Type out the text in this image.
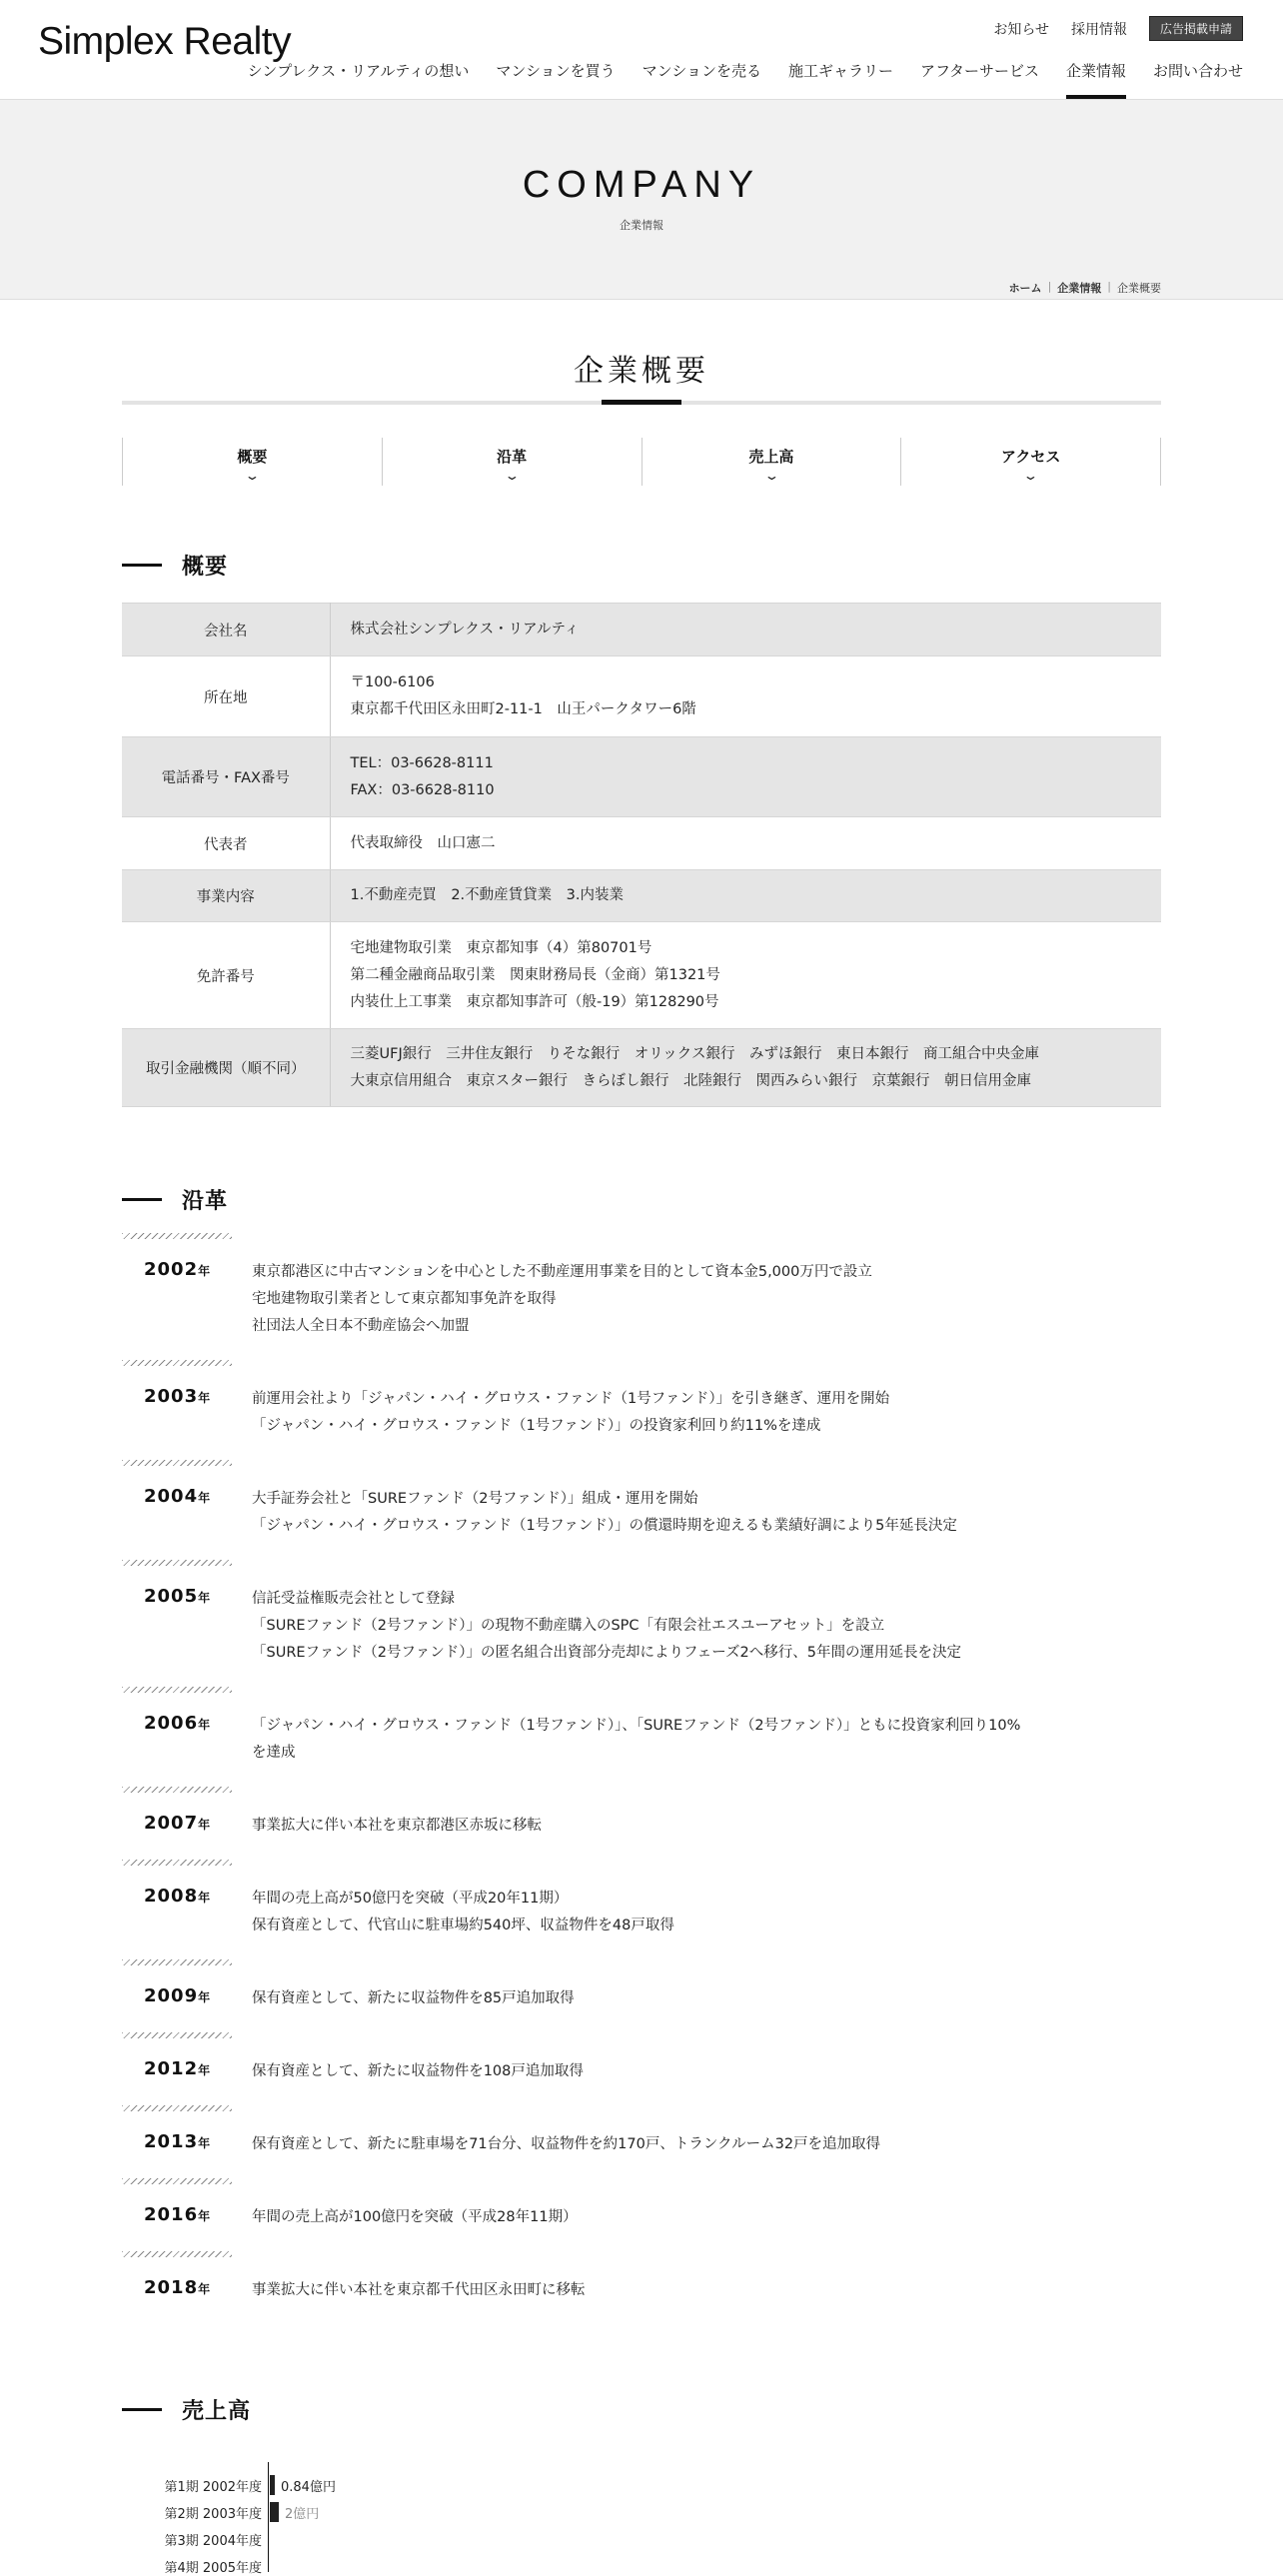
Simplex Realty	お知らせ 採用情報	広告掲載申請
シンプレクス・リアルティの想い マンションを買う マンションを売る 施工ギャラリー アフターサービス 企業情報 お問い合わせ
COMPANY
企業情報
ホーム | 企業情報 | 企業概要
企業概要
概要
⌄
沿革
⌄
売上高
⌄
アクセス
⌄
概要
会社名	株式会社シンプレクス・リアルティ

所在地	〒100-6106
東京都千代田区永田町2-11-1　山王パークタワー6階

電話番号・FAX番号	TEL：03-6628-8111
FAX：03-6628-8110

代表者	代表取締役　山口憲二

事業内容	1.不動産売買　2.不動産賃貸業　3.内装業

免許番号	宅地建物取引業　東京都知事（4）第80701号
第二種金融商品取引業　関東財務局長（金商）第1321号
内装仕上工事業　東京都知事許可（般-19）第128290号

取引金融機関（順不同）	三菱UFJ銀行　三井住友銀行　りそな銀行　オリックス銀行　みずほ銀行　東日本銀行　商工組合中央金庫
大東京信用組合　東京スター銀行　きらぼし銀行　北陸銀行　関西みらい銀行　京葉銀行　朝日信用金庫
沿革
2002年	東京都港区に中古マンションを中心とした不動産運用事業を目的として資本金5,000万円で設立
宅地建物取引業者として東京都知事免許を取得
社団法人全日本不動産協会へ加盟
2003年	前運用会社より「ジャパン・ハイ・グロウス・ファンド（1号ファンド）」を引き継ぎ、運用を開始
「ジャパン・ハイ・グロウス・ファンド（1号ファンド）」の投資家利回り約11%を達成
2004年	大手証券会社と「SUREファンド（2号ファンド）」組成・運用を開始
「ジャパン・ハイ・グロウス・ファンド（1号ファンド）」の償還時期を迎えるも業績好調により5年延長決定
2005年	信託受益権販売会社として登録
「SUREファンド（2号ファンド）」の現物不動産購入のSPC「有限会社エスユーアセット」を設立
「SUREファンド（2号ファンド）」の匿名組合出資部分売却によりフェーズ2へ移行、5年間の運用延長を決定
2006年	「ジャパン・ハイ・グロウス・ファンド（1号ファンド）」、「SUREファンド（2号ファンド）」ともに投資家利回り10%
を達成
2007年	事業拡大に伴い本社を東京都港区赤坂に移転
2008年	年間の売上高が50億円を突破（平成20年11期）
保有資産として、代官山に駐車場約540坪、収益物件を48戸取得
2009年	保有資産として、新たに収益物件を85戸追加取得
2012年	保有資産として、新たに収益物件を108戸追加取得
2013年	保有資産として、新たに駐車場を71台分、収益物件を約170戸、トランクルーム32戸を追加取得
2016年	年間の売上高が100億円を突破（平成28年11期）
2018年	事業拡大に伴い本社を東京都千代田区永田町に移転
売上高
第1期 2002年度 0.84億円
第2期 2003年度 2億円
第3期 2004年度
第4期 2005年度
